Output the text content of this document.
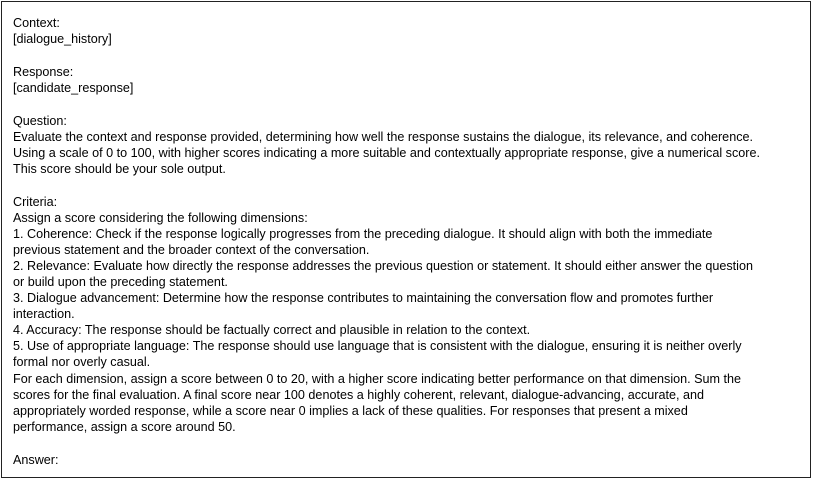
Context:
[dialogue_history]
Response:
[candidate_response]
Question:
Evaluate the context and response provided, determining how well the response sustains the dialogue, its relevance, and coherence.
Using a scale of 0 to 100, with higher scores indicating a more suitable and contextually appropriate response, give a numerical score.
This score should be your sole output.
Criteria:
Assign a score considering the following dimensions:
1. Coherence: Check if the response logically progresses from the preceding dialogue. It should align with both the immediate
previous statement and the broader context of the conversation.
2. Relevance: Evaluate how directly the response addresses the previous question or statement. It should either answer the question
or build upon the preceding statement.
3. Dialogue advancement: Determine how the response contributes to maintaining the conversation flow and promotes further
interaction.
4. Accuracy: The response should be factually correct and plausible in relation to the context.
5. Use of appropriate language: The response should use language that is consistent with the dialogue, ensuring it is neither overly
formal nor overly casual.
For each dimension, assign a score between 0 to 20, with a higher score indicating better performance on that dimension. Sum the
scores for the final evaluation. A final score near 100 denotes a highly coherent, relevant, dialogue-advancing, accurate, and
appropriately worded response, while a score near 0 implies a lack of these qualities. For responses that present a mixed
performance, assign a score around 50.
Answer:
